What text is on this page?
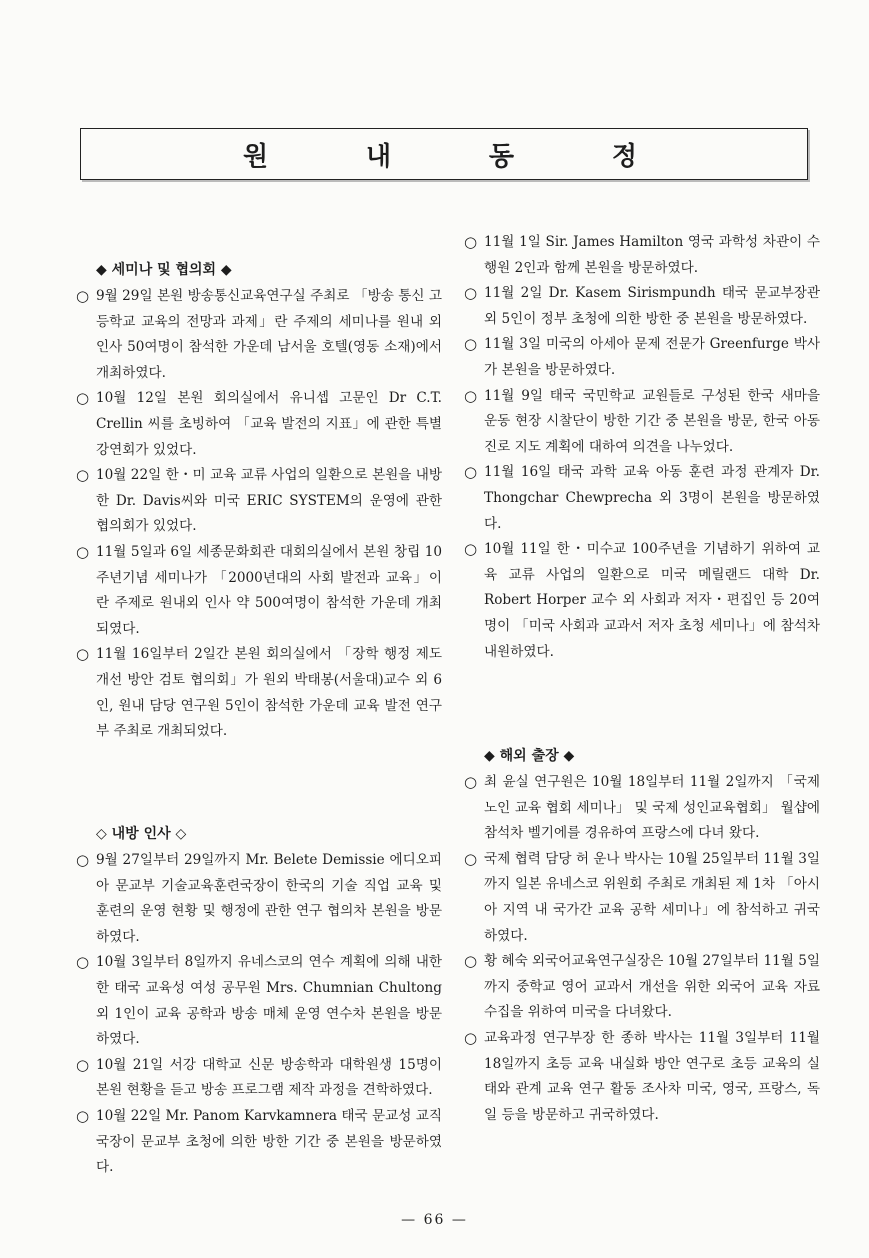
원	내	동	정
◆ 세미나 및 협의회 ◆
○ 9월 29일 본원 방송통신교육연구실 주최로 「방송 통신 고등학교 교육의 전망과 과제」란 주제의 세미나를 원내 외 인사 50여명이 참석한 가운데 남서울 호텔(영동 소재)에서 개최하였다.
○ 10월 12일 본원 회의실에서 유니셉 고문인 Dr C.T. Crellin 씨를 초빙하여 「교육 발전의 지표」에 관한 특별 강연회가 있었다.
○ 10월 22일 한・미 교육 교류 사업의 일환으로 본원을 내방한 Dr. Davis씨와 미국 ERIC SYSTEM의 운영에 관한 협의회가 있었다.
○ 11월 5일과 6일 세종문화회관 대회의실에서 본원 창립 10주년기념 세미나가 「2000년대의 사회 발전과 교육」이란 주제로 원내외 인사 약 500여명이 참석한 가운데 개최되였다.
○ 11월 16일부터 2일간 본원 회의실에서 「장학 행정 제도 개선 방안 검토 협의회」가 원외 박태봉(서울대)교수 외 6인, 원내 담당 연구원 5인이 참석한 가운데 교육 발전 연구부 주최로 개최되었다.
◇ 내방 인사 ◇
○ 9월 27일부터 29일까지 Mr. Belete Demissie 에디오피아 문교부 기술교육훈련국장이 한국의 기술 직업 교육 및 훈련의 운영 현황 및 행정에 관한 연구 협의차 본원을 방문하였다.
○ 10월 3일부터 8일까지 유네스코의 연수 계획에 의해 내한한 태국 교육성 여성 공무원 Mrs. Chumnian Chultong 외 1인이 교육 공학과 방송 매체 운영 연수차 본원을 방문하였다.
○ 10월 21일 서강 대학교 신문 방송학과 대학원생 15명이 본원 현황을 듣고 방송 프로그램 제작 과정을 견학하였다.
○ 10월 22일 Mr. Panom Karvkamnera 태국 문교성 교직국장이 문교부 초청에 의한 방한 기간 중 본원을 방문하였다.
○ 11월 1일 Sir. James Hamilton 영국 과학성 차관이 수행원 2인과 함께 본원을 방문하였다.
○ 11월 2일 Dr. Kasem Sirismpundh 태국 문교부장관 외 5인이 정부 초청에 의한 방한 중 본원을 방문하였다.
○ 11월 3일 미국의 아세아 문제 전문가 Greenfurge 박사가 본원을 방문하였다.
○ 11월 9일 태국 국민학교 교원들로 구성된 한국 새마을 운동 현장 시찰단이 방한 기간 중 본원을 방문, 한국 아동 진로 지도 계획에 대하여 의견을 나누었다.
○ 11월 16일 태국 과학 교육 아동 훈련 과정 관계자 Dr. Thongchar Chewprecha 외 3명이 본원을 방문하였다.
○ 10월 11일 한・미수교 100주년을 기념하기 위하여 교육 교류 사업의 일환으로 미국 메릴랜드 대학 Dr. Robert Horper 교수 외 사회과 저자・편집인 등 20여명이 「미국 사회과 교과서 저자 초청 세미나」에 참석차 내원하였다.
◆ 해외 출장 ◆
○ 최 윤실 연구원은 10월 18일부터 11월 2일까지 「국제 노인 교육 협회 세미나」 및 국제 성인교육협회」 월샵에 참석차 벨기에를 경유하여 프랑스에 다녀 왔다.
○ 국제 협력 담당 허 운나 박사는 10월 25일부터 11월 3일까지 일본 유네스코 위원회 주최로 개최된 제 1차 「아시아 지역 내 국가간 교육 공학 세미나」에 참석하고 귀국하였다.
○ 황 혜숙 외국어교육연구실장은 10월 27일부터 11월 5일까지 중학교 영어 교과서 개선을 위한 외국어 교육 자료 수집을 위하여 미국을 다녀왔다.
○ 교육과정 연구부장 한 종하 박사는 11월 3일부터 11월 18일까지 초등 교육 내실화 방안 연구로 초등 교육의 실태와 관계 교육 연구 활동 조사차 미국, 영국, 프랑스, 독일 등을 방문하고 귀국하였다.
— 66 —
